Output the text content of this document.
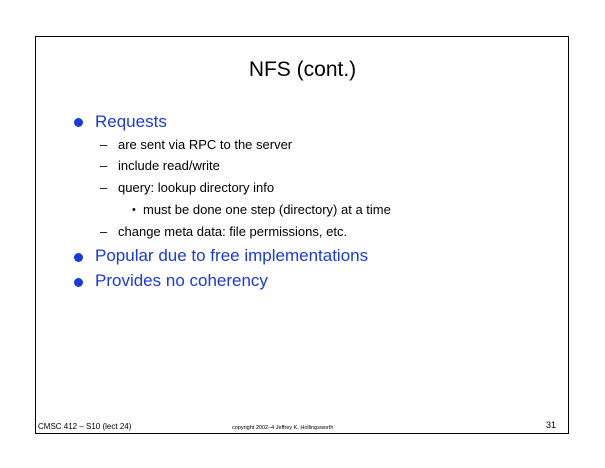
NFS (cont.)
Requests
– are sent via RPC to the server
– include read/write
– query: lookup directory info
• must be done one step (directory) at a time
– change meta data: file permissions, etc.
Popular due to free implementations
Provides no coherency
CMSC 412 – S10 (lect 24)	copyright 2002–4 Jeffrey K. Hollingsworth	31
